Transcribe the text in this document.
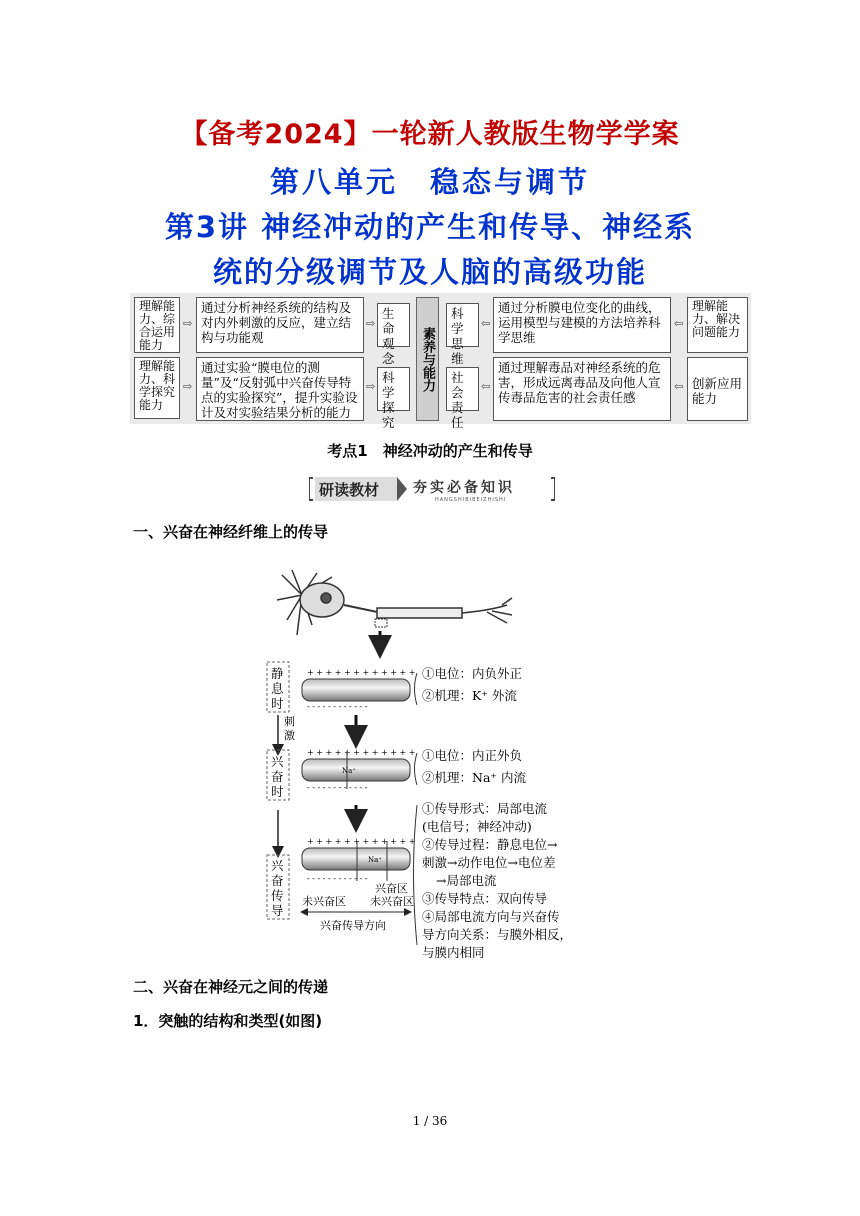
【备考2024】一轮新人教版生物学学案
第八单元　稳态与调节
第3讲 神经冲动的产生和传导、神经系
统的分级调节及人脑的高级功能
素养与能力
理解能力、综合运用能力
⇨
通过分析神经系统的结构及对内外刺激的反应，建立结构与功能观
⇨
生命观念
理解能力、科学探究能力
⇨
通过实验“膜电位的测量”及“反射弧中兴奋传导特点的实验探究”，提升实验设计及对实验结果分析的能力
⇨
科学探究
科学思维
⇦
通过分析膜电位变化的曲线，运用模型与建模的方法培养科学思维
⇦
理解能力、解决问题能力
社会责任
⇦
通过理解毒品对神经系统的危害，形成远离毒品及向他人宣传毒品危害的社会责任感
⇦ 创新应用能力
考点1　神经冲动的产生和传导
研读教材 夯实必备知识
HANGSHIBIBEIZHISHI
一、兴奋在神经纤维上的传导
静息时
+ + + + + + + + + + + +
- - - - - - - - - - - -
①电位：内负外正
②机理：K⁺ 外流
刺激
兴奋时
+ + + + + + + + + + + +
Na⁺
- - - - - - - - - - - -
①电位：内正外负
②机理：Na⁺ 内流
兴奋传导
+ + + + + + + + + + + +
Na⁺
- - - - - - - - - - - -
兴奋区
未兴奋区 未兴奋区
兴奋传导方向
①传导形式：局部电流
(电信号；神经冲动)
②传导过程：静息电位→
刺激→动作电位→电位差
→局部电流
③传导特点：双向传导
④局部电流方向与兴奋传
导方向关系：与膜外相反，
与膜内相同
二、兴奋在神经元之间的传递
1．突触的结构和类型(如图)
1 / 36
